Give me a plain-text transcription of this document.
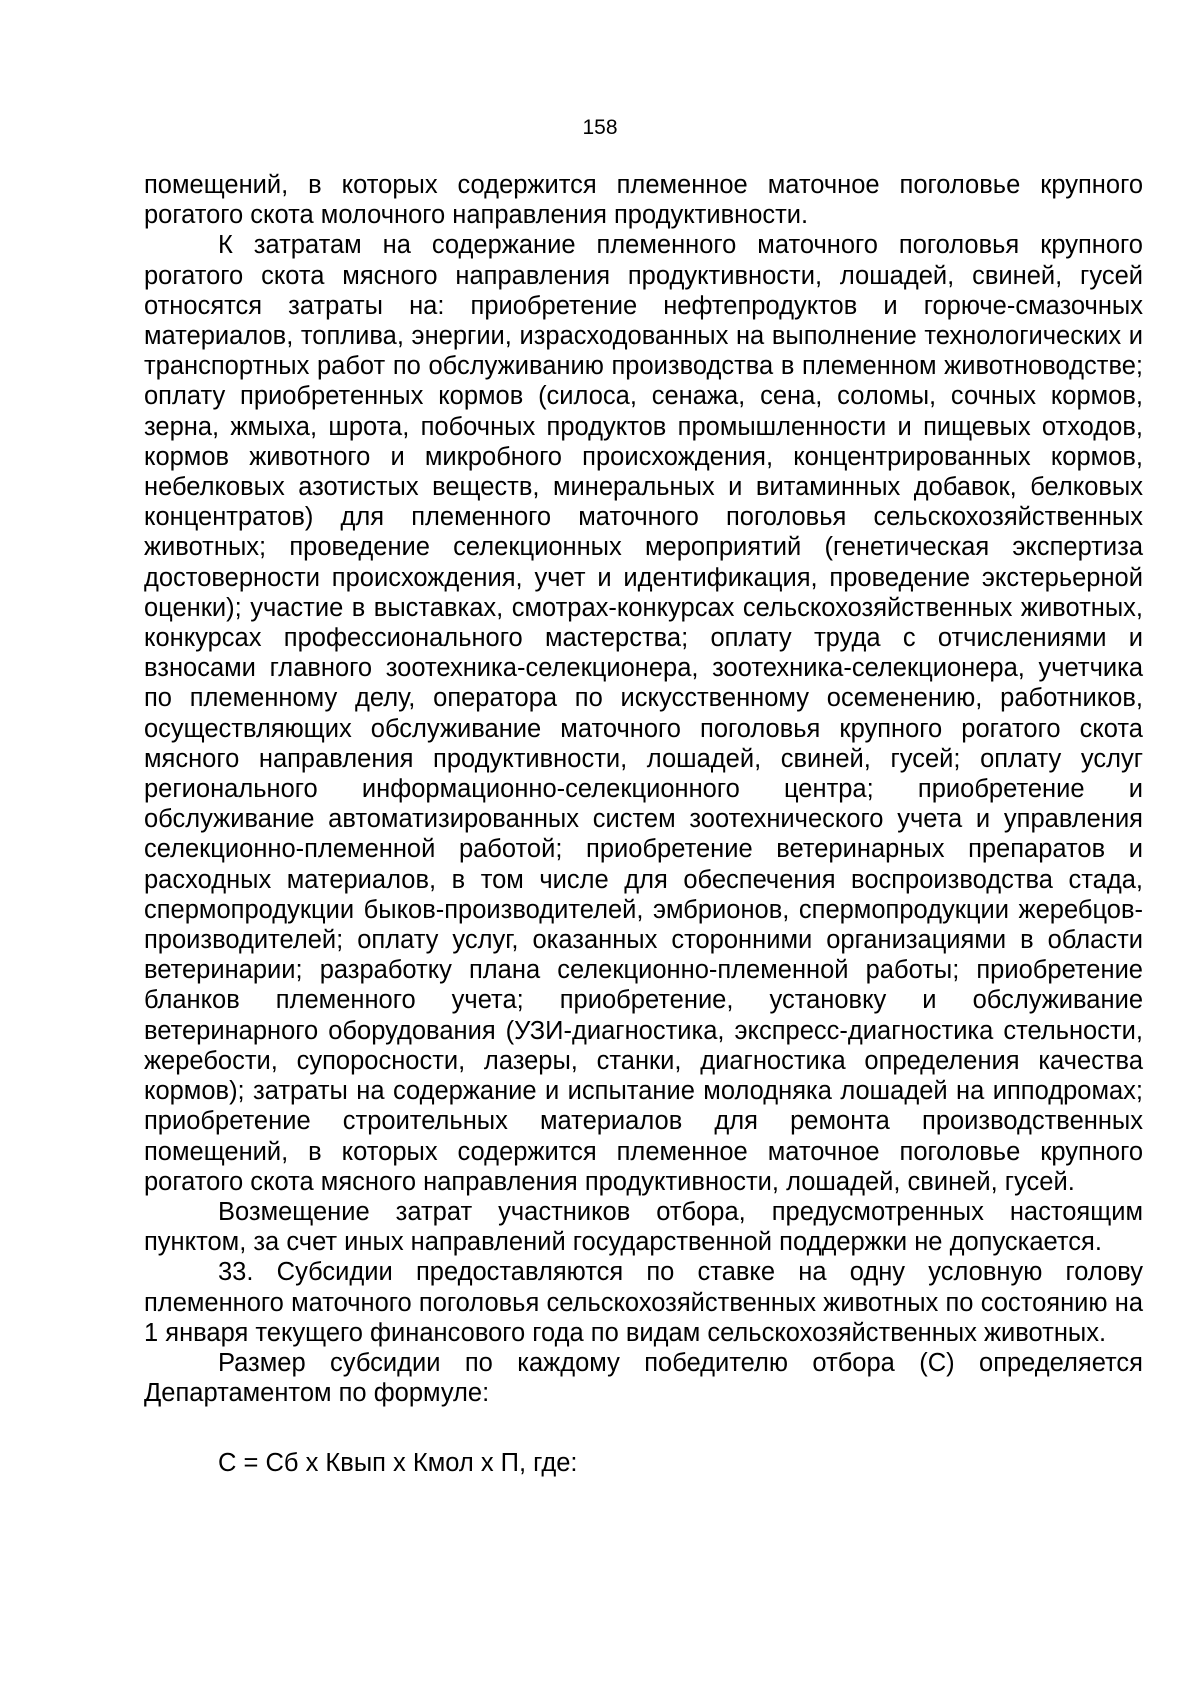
158

помещений, в которых содержится племенное маточное поголовье крупного рогатого скота молочного направления продуктивности.

К затратам на содержание племенного маточного поголовья крупного рогатого скота мясного направления продуктивности, лошадей, свиней, гусей относятся затраты на: приобретение нефтепродуктов и горюче-смазочных материалов, топлива, энергии, израсходованных на выполнение технологических и транспортных работ по обслуживанию производства в племенном животноводстве; оплату приобретенных кормов (силоса, сенажа, сена, соломы, сочных кормов, зерна, жмыха, шрота, побочных продуктов промышленности и пищевых отходов, кормов животного и микробного происхождения, концентрированных кормов, небелковых азотистых веществ, минеральных и витаминных добавок, белковых концентратов) для племенного маточного поголовья сельскохозяйственных животных; проведение селекционных мероприятий (генетическая экспертиза достоверности происхождения, учет и идентификация, проведение экстерьерной оценки); участие в выставках, смотрах-конкурсах сельскохозяйственных животных, конкурсах профессионального мастерства; оплату труда с отчислениями и взносами главного зоотехника-селекционера, зоотехника-селекционера, учетчика по племенному делу, оператора по искусственному осеменению, работников, осуществляющих обслуживание маточного поголовья крупного рогатого скота мясного направления продуктивности, лошадей, свиней, гусей; оплату услуг регионального информационно-селекционного центра; приобретение и обслуживание автоматизированных систем зоотехнического учета и управления селекционно-племенной работой; приобретение ветеринарных препаратов и расходных материалов, в том числе для обеспечения воспроизводства стада, спермопродукции быков-производителей, эмбрионов, спермопродукции жеребцов-производителей; оплату услуг, оказанных сторонними организациями в области ветеринарии; разработку плана селекционно-племенной работы; приобретение бланков племенного учета; приобретение, установку и обслуживание ветеринарного оборудования (УЗИ-диагностика, экспресс-диагностика стельности, жеребости, супоросности, лазеры, станки, диагностика определения качества кормов); затраты на содержание и испытание молодняка лошадей на ипподромах; приобретение строительных материалов для ремонта производственных помещений, в которых содержится племенное маточное поголовье крупного рогатого скота мясного направления продуктивности, лошадей, свиней, гусей.

Возмещение затрат участников отбора, предусмотренных настоящим пунктом, за счет иных направлений государственной поддержки не допускается.

33. Субсидии предоставляются по ставке на одну условную голову племенного маточного поголовья сельскохозяйственных животных по состоянию на 1 января текущего финансового года по видам сельскохозяйственных животных.

Размер субсидии по каждому победителю отбора (С) определяется Департаментом по формуле:

С = Сб х Квып х Кмол х П, где:
